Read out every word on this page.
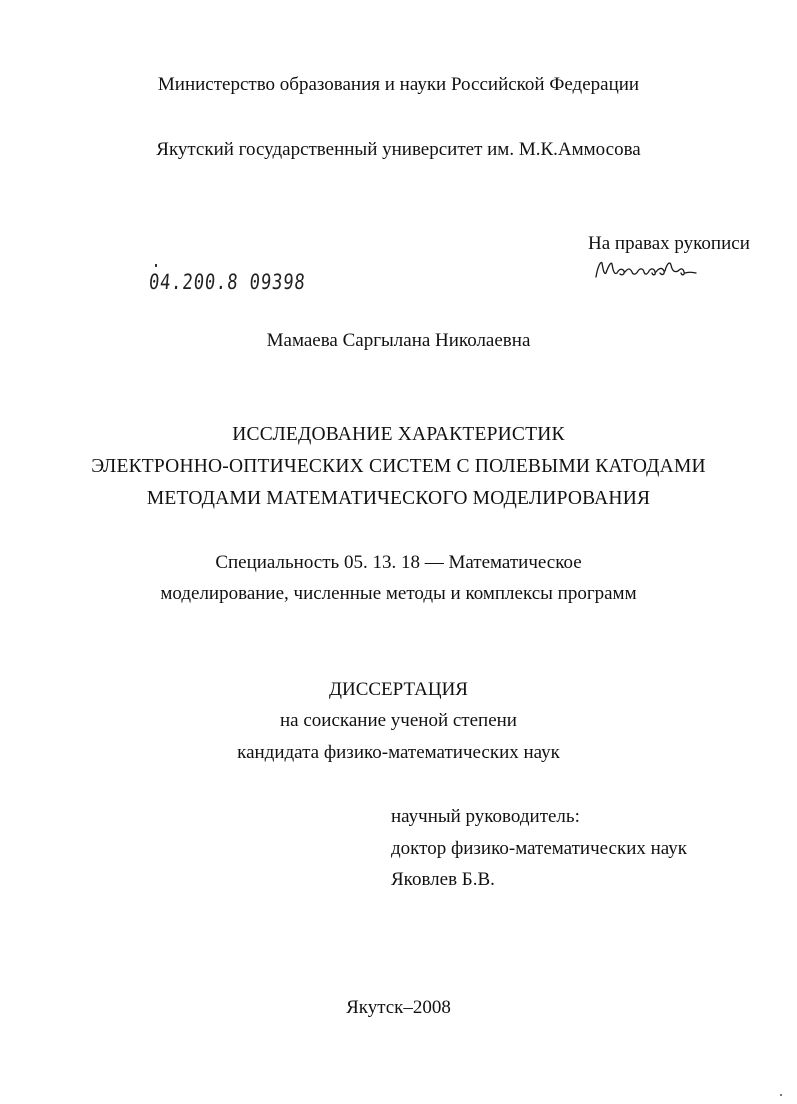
Министерство образования и науки Российской Федерации
Якутский государственный университет им. М.К.Аммосова
На правах рукописи
04.200.8 09398
Мамаева Саргылана Николаевна
ИССЛЕДОВАНИЕ ХАРАКТЕРИСТИК
ЭЛЕКТРОННО-ОПТИЧЕСКИХ СИСТЕМ С ПОЛЕВЫМИ КАТОДАМИ
МЕТОДАМИ МАТЕМАТИЧЕСКОГО МОДЕЛИРОВАНИЯ
Специальность 05. 13. 18 — Математическое
моделирование, численные методы и комплексы программ
ДИССЕРТАЦИЯ
на соискание ученой степени
кандидата физико-математических наук
научный руководитель:
доктор физико-математических наук
Яковлев Б.В.
Якутск–2008
